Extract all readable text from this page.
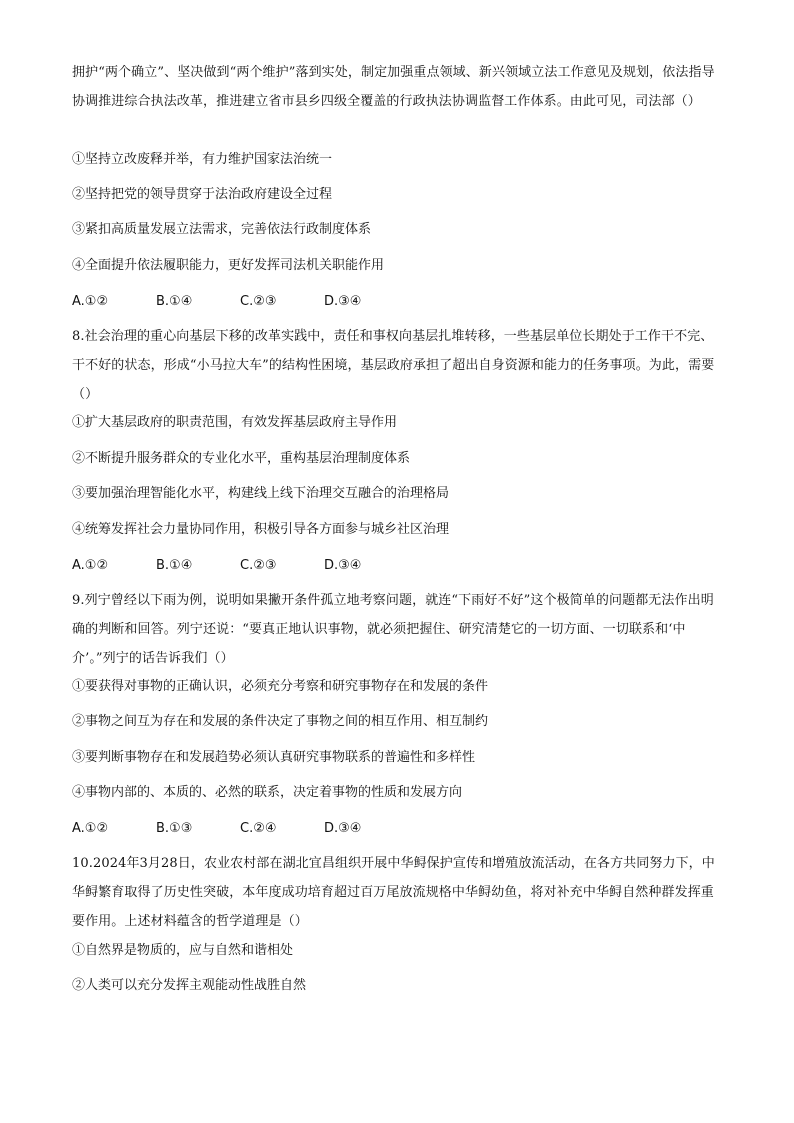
拥护“两个确立”、坚决做到“两个维护”落到实处，制定加强重点领域、新兴领域立法工作意见及规划，依法指导协调推进综合执法改革，推进建立省市县乡四级全覆盖的行政执法协调监督工作体系。由此可见，司法部（）

①坚持立改废释并举，有力维护国家法治统一

②坚持把党的领导贯穿于法治政府建设全过程

③紧扣高质量发展立法需求，完善依法行政制度体系

④全面提升依法履职能力，更好发挥司法机关职能作用

A.①②	B.①④	C.②③	D.③④

8.社会治理的重心向基层下移的改革实践中，责任和事权向基层扎堆转移，一些基层单位长期处于工作干不完、干不好的状态，形成“小马拉大车”的结构性困境，基层政府承担了超出自身资源和能力的任务事项。为此，需要（）

①扩大基层政府的职责范围，有效发挥基层政府主导作用

②不断提升服务群众的专业化水平，重构基层治理制度体系

③要加强治理智能化水平，构建线上线下治理交互融合的治理格局

④统筹发挥社会力量协同作用，积极引导各方面参与城乡社区治理

A.①②	B.①④	C.②③	D.③④

9.列宁曾经以下雨为例，说明如果撇开条件孤立地考察问题，就连“下雨好不好”这个极简单的问题都无法作出明确的判断和回答。列宁还说：“要真正地认识事物，就必须把握住、研究清楚它的一切方面、一切联系和‘中介’。”列宁的话告诉我们（）

①要获得对事物的正确认识，必须充分考察和研究事物存在和发展的条件

②事物之间互为存在和发展的条件决定了事物之间的相互作用、相互制约

③要判断事物存在和发展趋势必须认真研究事物联系的普遍性和多样性

④事物内部的、本质的、必然的联系，决定着事物的性质和发展方向

A.①②	B.①③	C.②④	D.③④

10.2024年3月28日，农业农村部在湖北宜昌组织开展中华鲟保护宣传和增殖放流活动，在各方共同努力下，中华鲟繁育取得了历史性突破，本年度成功培育超过百万尾放流规格中华鲟幼鱼，将对补充中华鲟自然种群发挥重要作用。上述材料蕴含的哲学道理是（）

①自然界是物质的，应与自然和谐相处

②人类可以充分发挥主观能动性战胜自然
